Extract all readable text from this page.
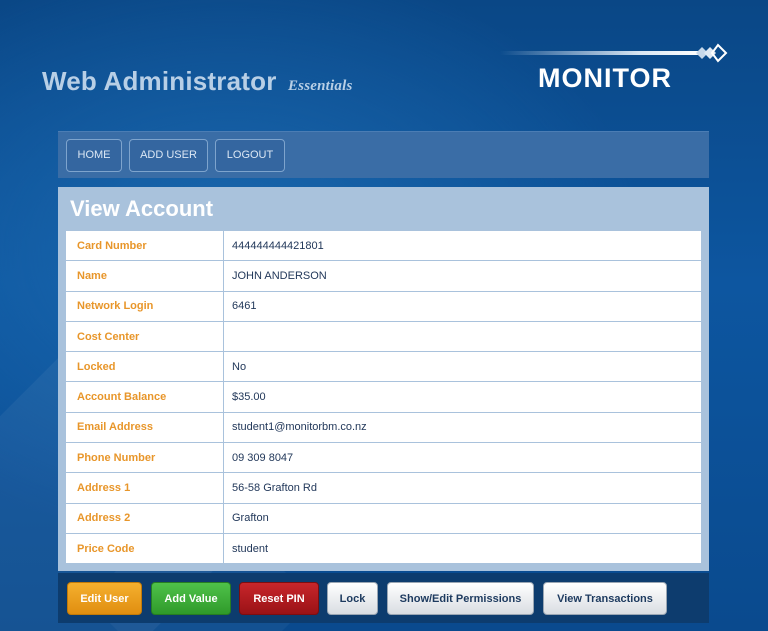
Web Administrator Essentials	MONITOR
HOME	ADD USER	LOGOUT
View Account
Card Number	444444444421801
Name	JOHN ANDERSON
Network Login	6461
Cost Center	
Locked	No
Account Balance	$35.00
Email Address	student1@monitorbm.co.nz
Phone Number	09 309 8047
Address 1	56-58 Grafton Rd
Address 2	Grafton
Price Code	student
Edit User	Add Value	Reset PIN	Lock	Show/Edit Permissions	View Transactions
